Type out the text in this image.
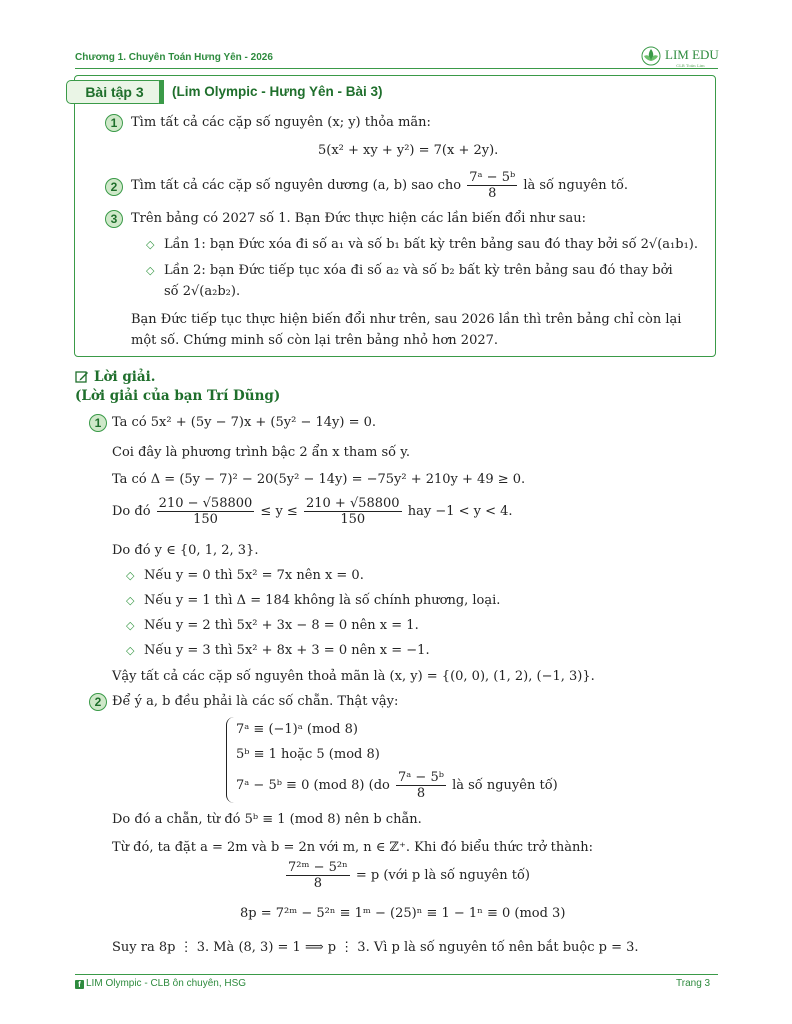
Chương 1. Chuyên Toán Hưng Yên - 2026	LIM EDU
CLB Toán Lim
Bài tập 3	(Lim Olympic - Hưng Yên - Bài 3)
1	Tìm tất cả các cặp số nguyên (x; y) thỏa mãn:
5(x² + xy + y²) = 7(x + 2y).
2	Tìm tất cả các cặp số nguyên dương (a, b) sao cho $\frac{\text{7ᵃ − 5ᵇ}}{8}$ là số nguyên tố.
3	Trên bảng có 2027 số 1. Bạn Đức thực hiện các lần biến đổi như sau:
◇ Lần 1: bạn Đức xóa đi số a₁ và số b₁ bất kỳ trên bảng sau đó thay bởi số 2√(a₁b₁).
◇ Lần 2: bạn Đức tiếp tục xóa đi số a₂ và số b₂ bất kỳ trên bảng sau đó thay bởi
số 2√(a₂b₂).
Bạn Đức tiếp tục thực hiện biến đổi như trên, sau 2026 lần thì trên bảng chỉ còn lại
một số. Chứng minh số còn lại trên bảng nhỏ hơn 2027.
Lời giải.
(Lời giải của bạn Trí Dũng)
1 Ta có 5x² + (5y − 7)x + (5y² − 14y) = 0.
Coi đây là phương trình bậc 2 ẩn x tham số y.
Ta có Δ = (5y − 7)² − 20(5y² − 14y) = −75y² + 210y + 49 ≥ 0.
Do đó $\frac{210 - √58800}{150} \le y \le \frac{210 + √58800}{150}$ hay −1 < y < 4.
Do đó y ∈ {0, 1, 2, 3}.
◇ Nếu y = 0 thì 5x² = 7x nên x = 0.
◇ Nếu y = 1 thì Δ = 184 không là số chính phương, loại.
◇ Nếu y = 2 thì 5x² + 3x − 8 = 0 nên x = 1.
◇ Nếu y = 3 thì 5x² + 8x + 3 = 0 nên x = −1.
Vậy tất cả các cặp số nguyên thoả mãn là (x, y) = {(0, 0), (1, 2), (−1, 3)}.
2 Để ý a, b đều phải là các số chẵn. Thật vậy:
7ᵃ ≡ (−1)ᵃ (mod 8)
5ᵇ ≡ 1 hoặc 5 (mod 8)
7ᵃ − 5ᵇ ≡ 0 (mod 8) ($do \frac{\text{7ᵃ − 5ᵇ}}{8}$ là số nguyên tố)
Do đó a chẵn, từ đó 5ᵇ ≡ 1 (mod 8) nên b chẵn.
Từ đó, ta đặt a = 2m và b = 2n với m, n ∈ ℤ⁺. Khi đó biểu thức trở thành:
$\frac{\text{7²ᵐ − 5²ⁿ}}{8} = p$ (với p là số nguyên tố)
8p = 7²ᵐ − 5²ⁿ ≡ 1ᵐ − (25)ⁿ ≡ 1 − 1ⁿ ≡ 0 (mod 3)
Suy ra 8p ⋮ 3. Mà (8, 3) = 1 ⟹ p ⋮ 3. Vì p là số nguyên tố nên bắt buộc p = 3.
f LIM Olympic - CLB ôn chuyên, HSG	Trang 3
